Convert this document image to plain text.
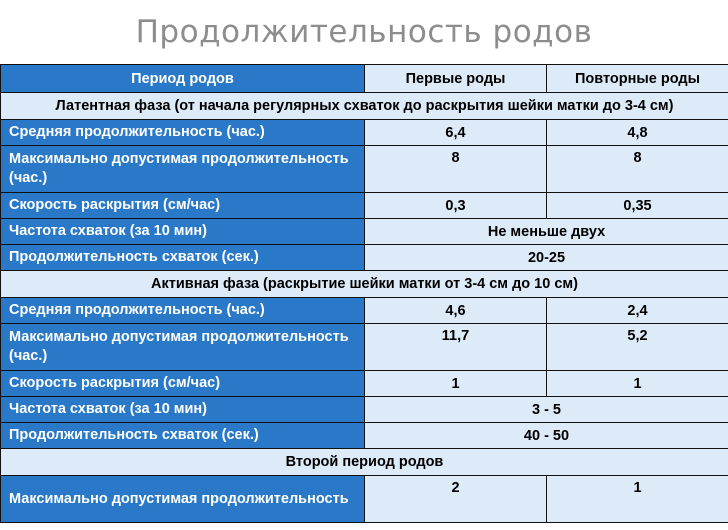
Продолжительность родов
Период родов	Первые роды	Повторные роды
Латентная фаза (от начала регулярных схваток до раскрытия шейки матки до 3-4 см)		
Средняя продолжительность (час.)	6,4	4,8
Максимально допустимая продолжительность (час.)	8	8
Скорость раскрытия (см/час)	0,3	0,35
Частота схваток (за 10 мин)	Не меньше двух	
Продолжительность схваток (сек.)	20-25	
Активная фаза (раскрытие шейки матки от 3-4 см до 10 см)		
Средняя продолжительность (час.)	4,6	2,4
Максимально допустимая продолжительность (час.)	11,7	5,2
Скорость раскрытия (см/час)	1	1
Частота схваток (за 10 мин)	3 - 5	
Продолжительность схваток (сек.)	40 - 50	
Второй период родов		
Максимально допустимая продолжительность	2	1
